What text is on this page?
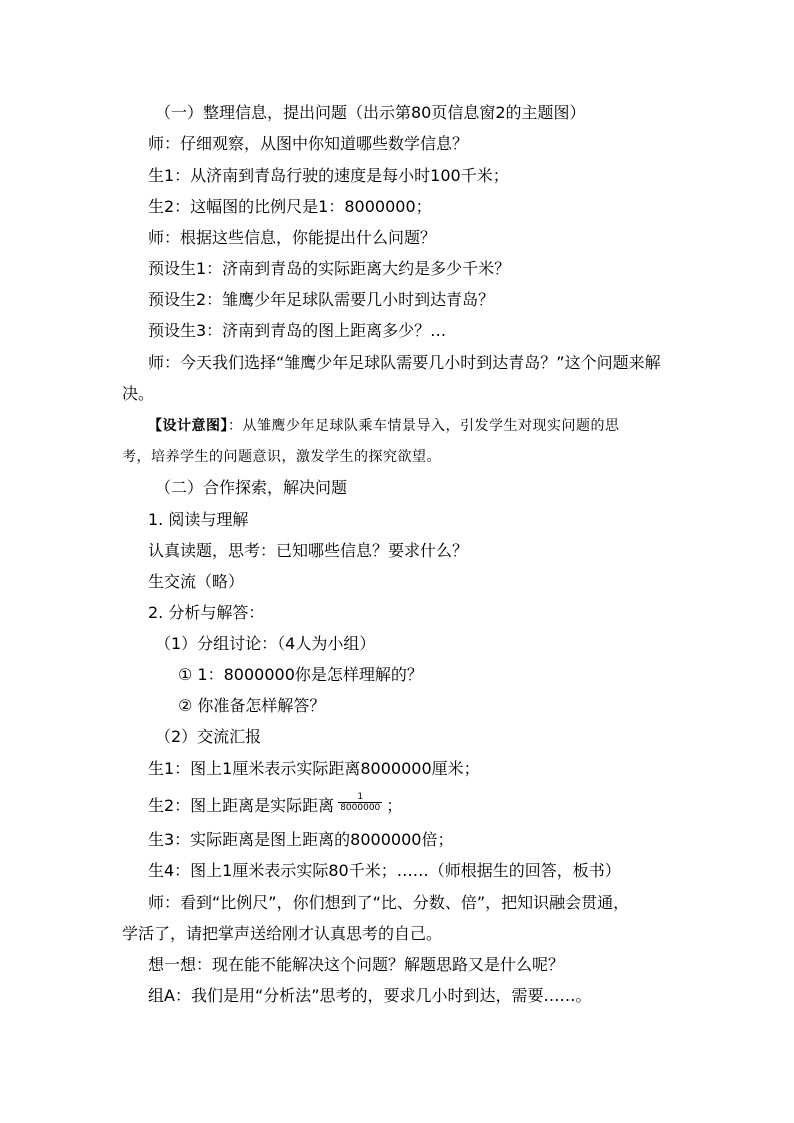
（一）整理信息，提出问题（出示第80页信息窗2的主题图）
师：仔细观察，从图中你知道哪些数学信息？
生1：从济南到青岛行驶的速度是每小时100千米；
生2：这幅图的比例尺是1：8000000；
师：根据这些信息，你能提出什么问题？
预设生1：济南到青岛的实际距离大约是多少千米？
预设生2：雏鹰少年足球队需要几小时到达青岛？
预设生3：济南到青岛的图上距离多少？…
师：今天我们选择“雏鹰少年足球队需要几小时到达青岛？”这个问题来解
决。
【设计意图】：从雏鹰少年足球队乘车情景导入，引发学生对现实问题的思
考，培养学生的问题意识，激发学生的探究欲望。
（二）合作探索，解决问题
1. 阅读与理解
认真读题，思考：已知哪些信息？要求什么？
生交流（略）
2. 分析与解答：
（1）分组讨论：（4人为小组）
① 1：8000000你是怎样理解的？
② 你准备怎样解答？
（2）交流汇报
生1：图上1厘米表示实际距离8000000厘米；
生2：图上距离是实际距离 $\frac{1}{8000000}$ ；
生3：实际距离是图上距离的8000000倍；
生4：图上1厘米表示实际80千米；……（师根据生的回答，板书）
师：看到“比例尺”，你们想到了“比、分数、倍”，把知识融会贯通，
学活了，请把掌声送给刚才认真思考的自己。
想一想：现在能不能解决这个问题？解题思路又是什么呢？
组A：我们是用“分析法”思考的，要求几小时到达，需要……。
